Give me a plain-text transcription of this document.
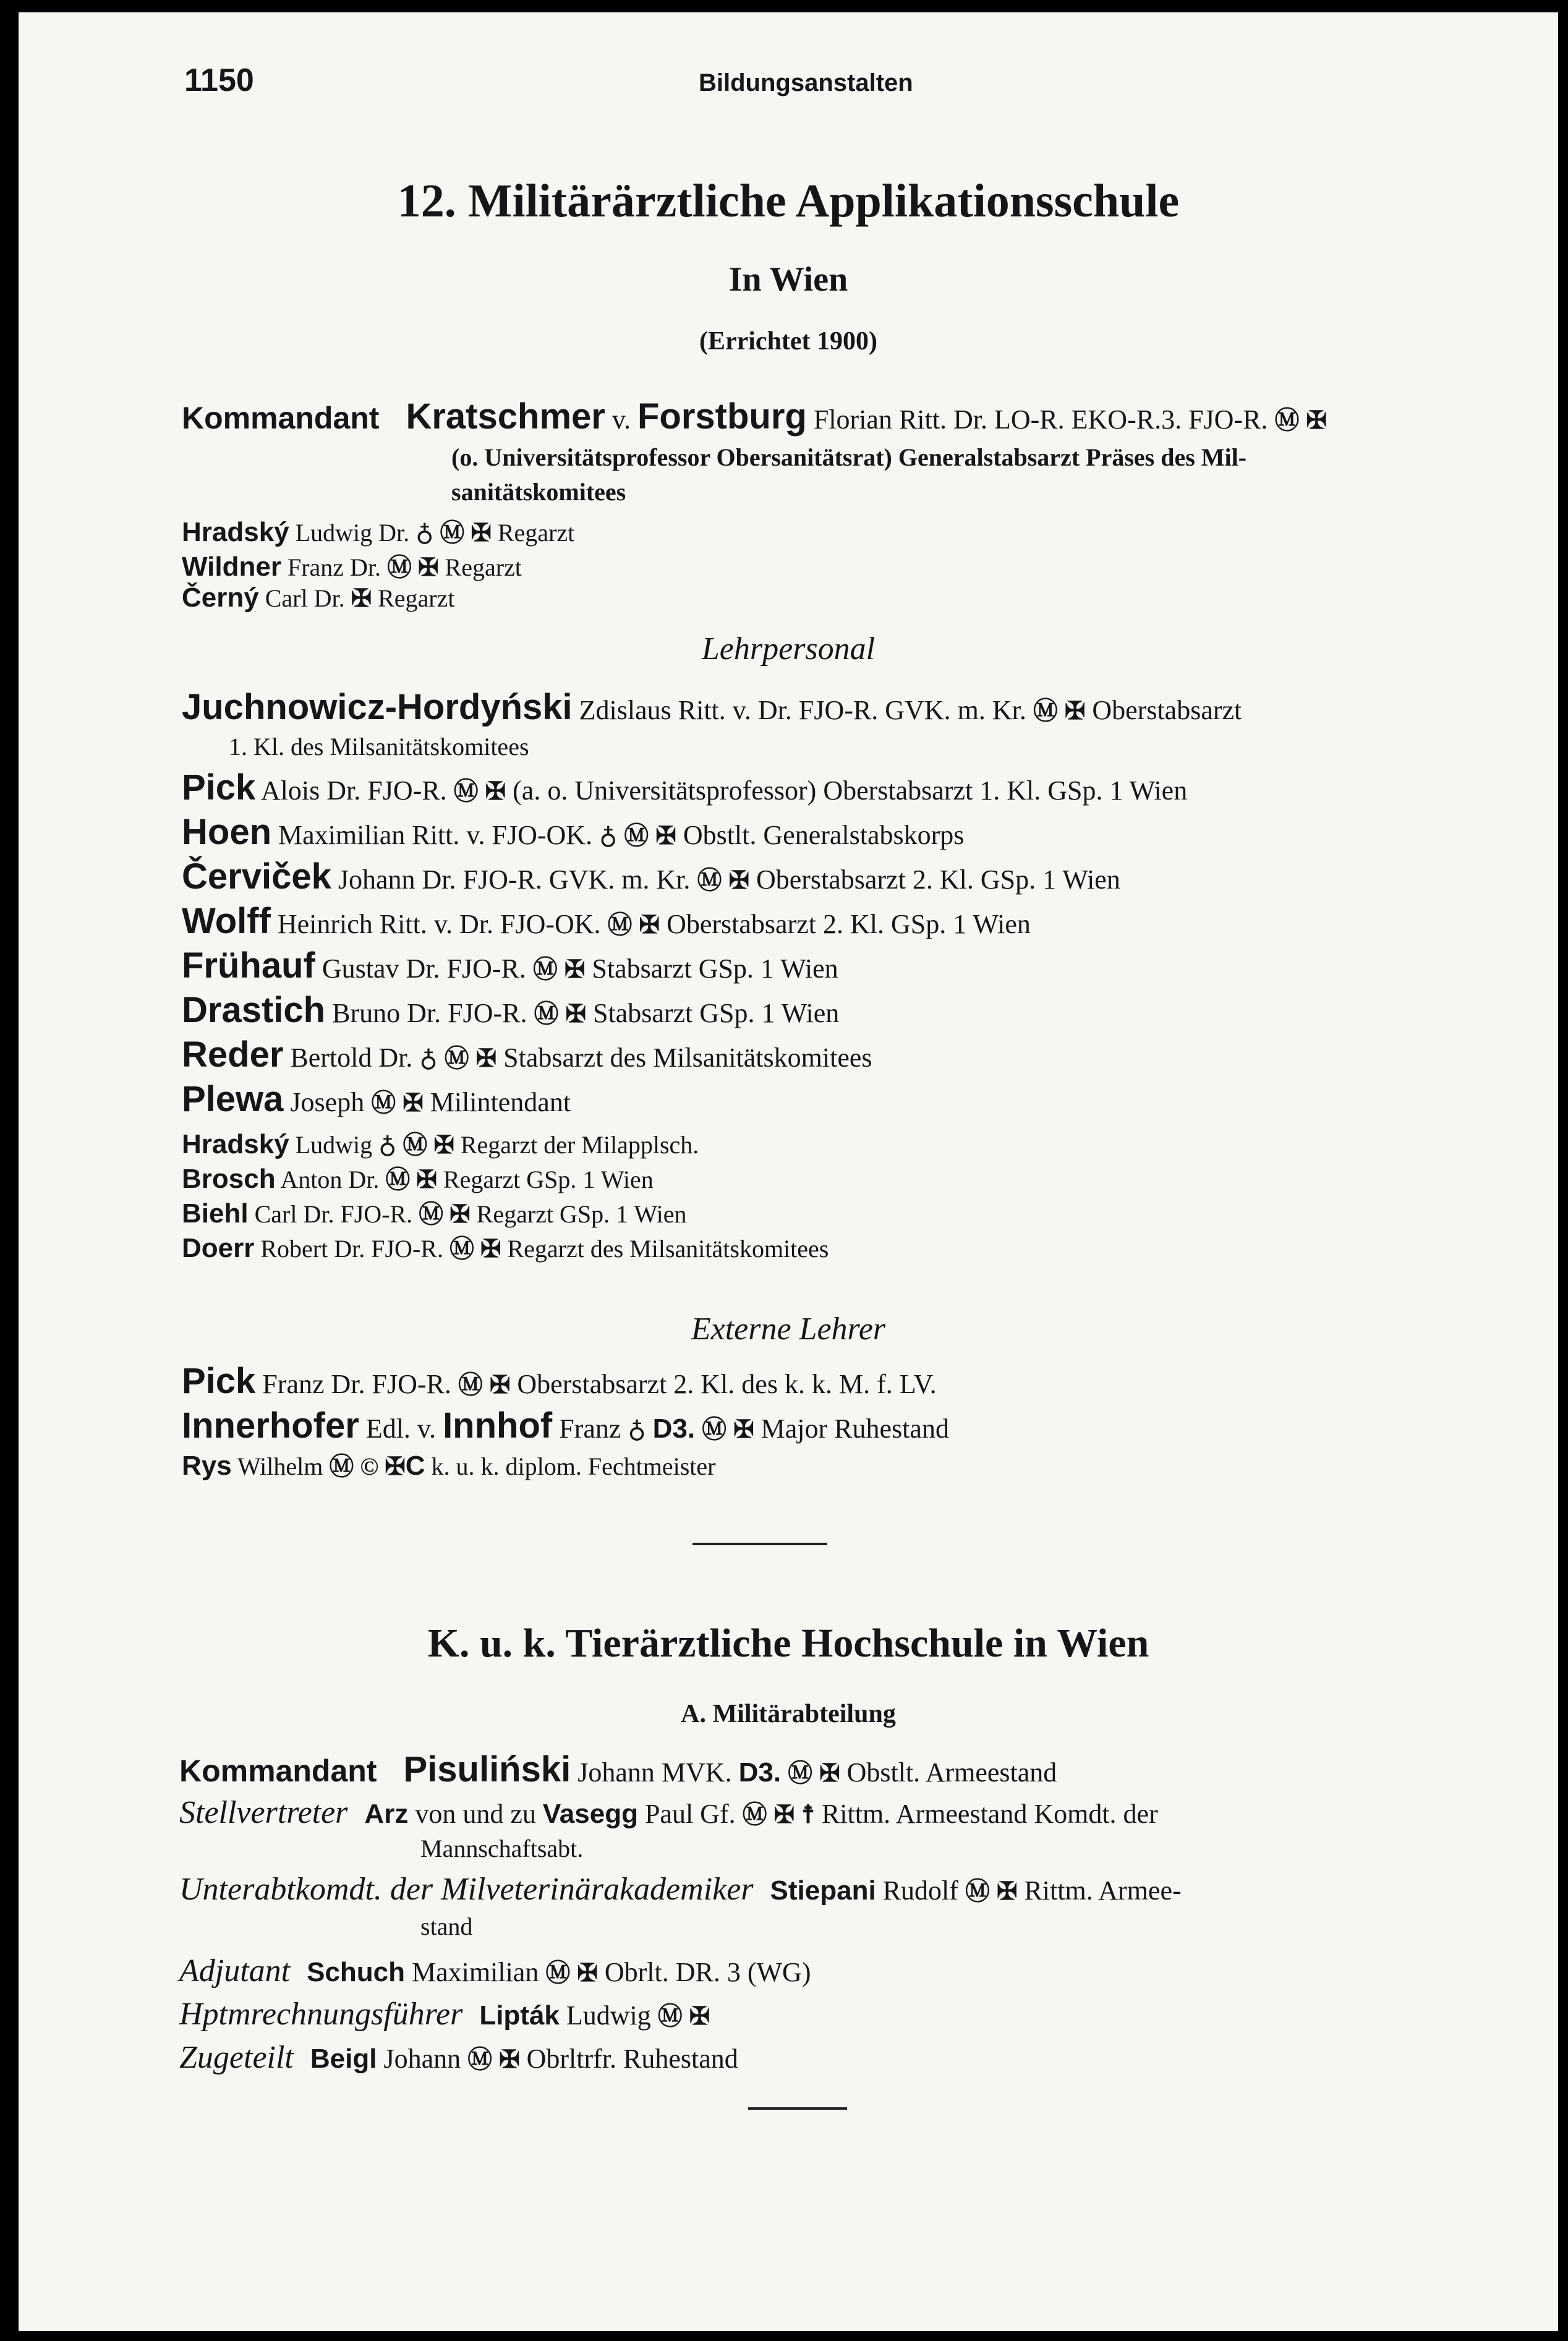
1150	Bildungsanstalten
12. Militärärztliche Applikationsschule
In Wien
(Errichtet 1900)
Kommandant Kratschmer v. Forstburg Florian Ritt. Dr. LO-R. EKO-R.3. FJO-R. Ⓜ ✠
(o. Universitätsprofessor Obersanitätsrat) Generalstabsarzt Präses des Mil-
sanitätskomitees
Hradský Ludwig Dr. ♁ Ⓜ ✠ Regarzt
Wildner Franz Dr. Ⓜ ✠ Regarzt
Černý Carl Dr. ✠ Regarzt
Lehrpersonal
Juchnowicz-Hordyński Zdislaus Ritt. v. Dr. FJO-R. GVK. m. Kr. Ⓜ ✠ Oberstabsarzt
1. Kl. des Milsanitätskomitees
Pick Alois Dr. FJO-R. Ⓜ ✠ (a. o. Universitätsprofessor) Oberstabsarzt 1. Kl. GSp. 1 Wien
Hoen Maximilian Ritt. v. FJO-OK. ♁ Ⓜ ✠ Obstlt. Generalstabskorps
Červiček Johann Dr. FJO-R. GVK. m. Kr. Ⓜ ✠ Oberstabsarzt 2. Kl. GSp. 1 Wien
Wolff Heinrich Ritt. v. Dr. FJO-OK. Ⓜ ✠ Oberstabsarzt 2. Kl. GSp. 1 Wien
Frühauf Gustav Dr. FJO-R. Ⓜ ✠ Stabsarzt GSp. 1 Wien
Drastich Bruno Dr. FJO-R. Ⓜ ✠ Stabsarzt GSp. 1 Wien
Reder Bertold Dr. ♁ Ⓜ ✠ Stabsarzt des Milsanitätskomitees
Plewa Joseph Ⓜ ✠ Milintendant
Hradský Ludwig ♁ Ⓜ ✠ Regarzt der Milapplsch.
Brosch Anton Dr. Ⓜ ✠ Regarzt GSp. 1 Wien
Biehl Carl Dr. FJO-R. Ⓜ ✠ Regarzt GSp. 1 Wien
Doerr Robert Dr. FJO-R. Ⓜ ✠ Regarzt des Milsanitätskomitees
Externe Lehrer
Pick Franz Dr. FJO-R. Ⓜ ✠ Oberstabsarzt 2. Kl. des k. k. M. f. LV.
Innerhofer Edl. v. Innhof Franz ♁ D3. Ⓜ ✠ Major Ruhestand
Rys Wilhelm Ⓜ © ✠C k. u. k. diplom. Fechtmeister
K. u. k. Tierärztliche Hochschule in Wien
A. Militärabteilung
Kommandant Pisuliński Johann MVK. D3. Ⓜ ✠ Obstlt. Armeestand
Stellvertreter Arz von und zu Vasegg Paul Gf. Ⓜ ✠ ☨ Rittm. Armeestand Komdt. der
Mannschaftsabt.
Unterabtkomdt. der Milveterinärakademiker Stiepani Rudolf Ⓜ ✠ Rittm. Armee-
stand
Adjutant Schuch Maximilian Ⓜ ✠ Obrlt. DR. 3 (WG)
Hptmrechnungsführer Lipták Ludwig Ⓜ ✠
Zugeteilt Beigl Johann Ⓜ ✠ Obrltrfr. Ruhestand
